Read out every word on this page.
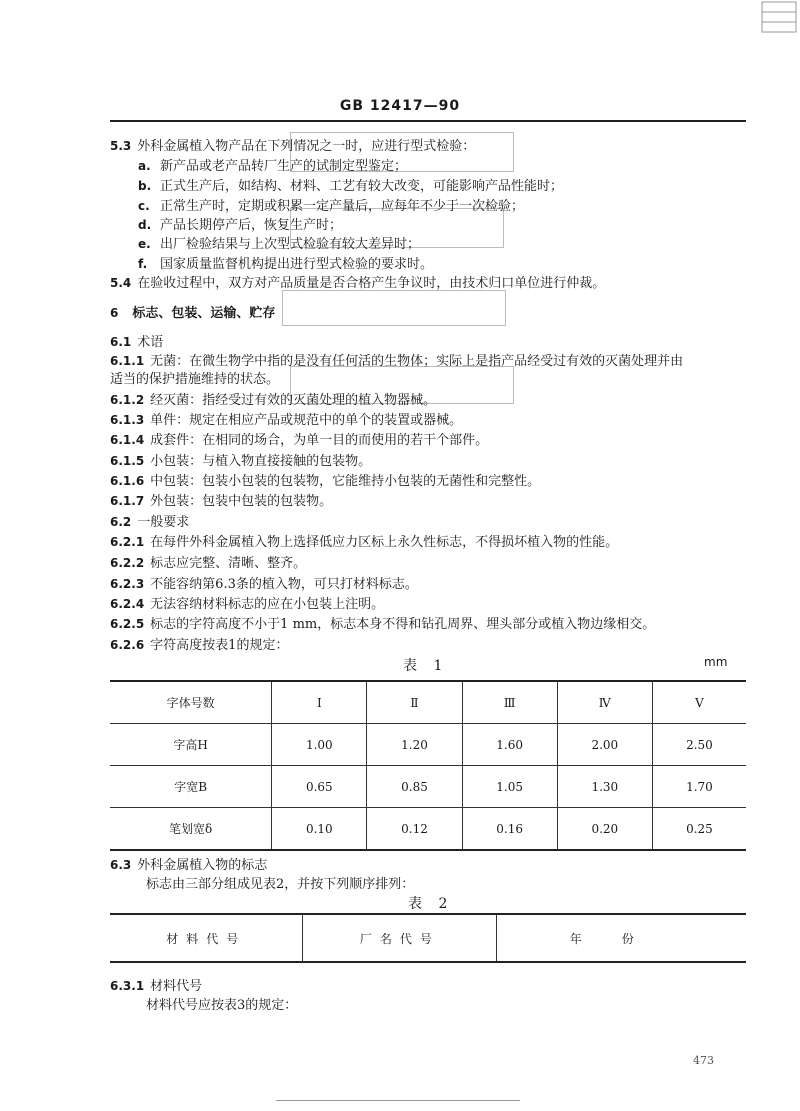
GB 12417—90
5.3 外科金属植入物产品在下列情况之一时，应进行型式检验：
a. 新产品或老产品转厂生产的试制定型鉴定；
b. 正式生产后，如结构、材料、工艺有较大改变，可能影响产品性能时；
c. 正常生产时，定期或积累一定产量后，应每年不少于一次检验；
d. 产品长期停产后，恢复生产时；
e. 出厂检验结果与上次型式检验有较大差异时；
f. 国家质量监督机构提出进行型式检验的要求时。
5.4 在验收过程中，双方对产品质量是否合格产生争议时，由技术归口单位进行仲裁。
6 标志、包装、运输、贮存
6.1 术语
6.1.1 无菌：在微生物学中指的是没有任何活的生物体；实际上是指产品经受过有效的灭菌处理并由
适当的保护措施维持的状态。
6.1.2 经灭菌：指经受过有效的灭菌处理的植入物器械。
6.1.3 单件：规定在相应产品或规范中的单个的装置或器械。
6.1.4 成套件：在相同的场合，为单一目的而使用的若干个部件。
6.1.5 小包装：与植入物直接接触的包装物。
6.1.6 中包装：包装小包装的包装物，它能维持小包装的无菌性和完整性。
6.1.7 外包装：包装中包装的包装物。
6.2 一般要求
6.2.1 在每件外科金属植入物上选择低应力区标上永久性标志，不得损坏植入物的性能。
6.2.2 标志应完整、清晰、整齐。
6.2.3 不能容纳第6.3条的植入物，可只打材料标志。
6.2.4 无法容纳材料标志的应在小包装上注明。
6.2.5 标志的字符高度不小于1 mm，标志本身不得和钻孔周界、埋头部分或植入物边缘相交。
6.2.6 字符高度按表1的规定：
表 1	mm
字体号数	Ⅰ	Ⅱ	Ⅲ	Ⅳ	Ⅴ
字高H	1.00	1.20	1.60	2.00	2.50
字宽B	0.65	0.85	1.05	1.30	1.70
笔划宽δ	0.10	0.12	0.16	0.20	0.25
6.3 外科金属植入物的标志
标志由三部分组成见表2，并按下列顺序排列：
表 2
材料代号	厂名代号	年份
6.3.1 材料代号
材料代号应按表3的规定：
473
